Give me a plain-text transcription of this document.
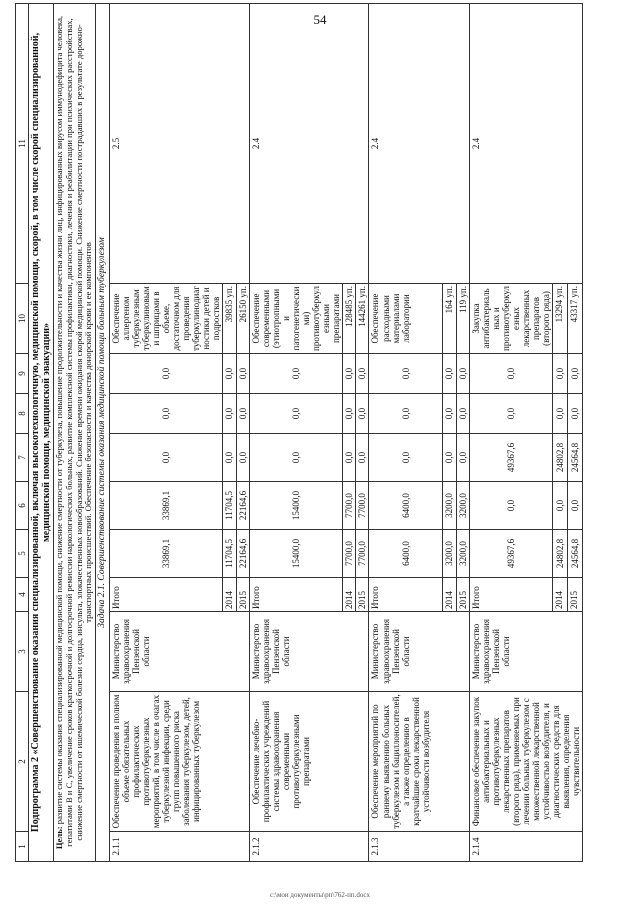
54
1	2	3	4	5	6	7	8	9	10	11
Подпрограмма 2 «Совершенствование оказания специализированной, включая высокотехнологичную, медицинской помощи, скорой, в том числе скорой специализированной, медицинской помощи, медицинской эвакуации»										
Цель: развитие системы оказания специализированной медицинской помощи, снижение смертности от туберкулеза, повышение продолжительности и качества жизни лиц, инфицированных вирусом иммунодефицита человека, гепатитами B и C, увеличение сроков краткосрочной и долгосрочной ремиссии наркологических больных, развитие комплексной системы профилактики, диагностики, лечения и реабилитации при психических расстройствах, снижение смертности от ишемической болезни сердца, инсульта, злокачественных новообразований. Снижение времени ожидания скорой медицинской помощи. Снижение смертности пострадавших в результате дорожно-транспортных происшествий. Обеспечение безопасности и качества донорской крови и ее компонентов										
Задача 2.1. Совершенствование системы оказания медицинской помощи больным туберкулезом										
2.1.1	Обеспечение проведения в полном объеме обязательных профилактических противотуберкулезных мероприятий, в том числе в очагах туберкулезной инфекции, среди групп повышенного риска заболевания туберкулезом, детей, инфицированных туберкулезом	Министерство здравоохранения Пензенской области	Итого	33869,1	33869,1	0,0	0,0	0,0	Обеспечение аллергеном туберкулезным туберкулиновыми шприцами в объеме, достаточном для проведения туберкулинодиагностики детей и подростков	2.5
			2014	11704,5	11704,5	0,0	0,0	0,0	39835 уп.	
			2015	22164,6	22164,6	0,0	0,0	0,0	26150 уп.	
2.1.2	Обеспечение лечебно-профилактических учреждений системы здравоохранения современными противотуберкулезными препаратами	Министерство здравоохранения Пензенской области	Итого	15400,0	15400,0	0,0	0,0	0,0	Обеспечение современными (этиотропными и патогенетическими) противотуберкулезными препаратами	2.4
			2014	7700,0	7700,0	0,0	0,0	0,0	128485 уп.	
			2015	7700,0	7700,0	0,0	0,0	0,0	144261 уп.	
2.1.3	Обеспечение мероприятий по раннему выявлению больных туберкулезом и бациллоносителей, а также определению в кратчайшие сроки лекарственной устойчивости возбудителя	Министерство здравоохранения Пензенской области	Итого	6400,0	6400,0	0,0	0,0	0,0	Обеспечение расходными материалами лаборатории	2.4
			2014	3200,0	3200,0	0,0	0,0	0,0	164 уп.	
			2015	3200,0	3200,0	0,0	0,0	0,0	119 уп.	
2.1.4	Финансовое обеспечение закупок антибактериальных и противотуберкулезных лекарственных препаратов (второго ряда), применяемых при лечении больных туберкулезом с множественной лекарственной устойчивостью возбудителя, и диагностических средств для выявления, определения чувствительности	Министерство здравоохранения Пензенской области	Итого	49367,6	0,0	49367,6	0,0	0,0	Закупка антибактериальных и противотуберкулезных лекарственных препаратов (второго ряда)	2.4
			2014	24802,8	0,0	24802,8	0,0	0,0	13294 уп.	
			2015	24564,8	0,0	24564,8	0,0	0,0	43317 уп.	
c:\мои документы\рп\762-пп.docx
